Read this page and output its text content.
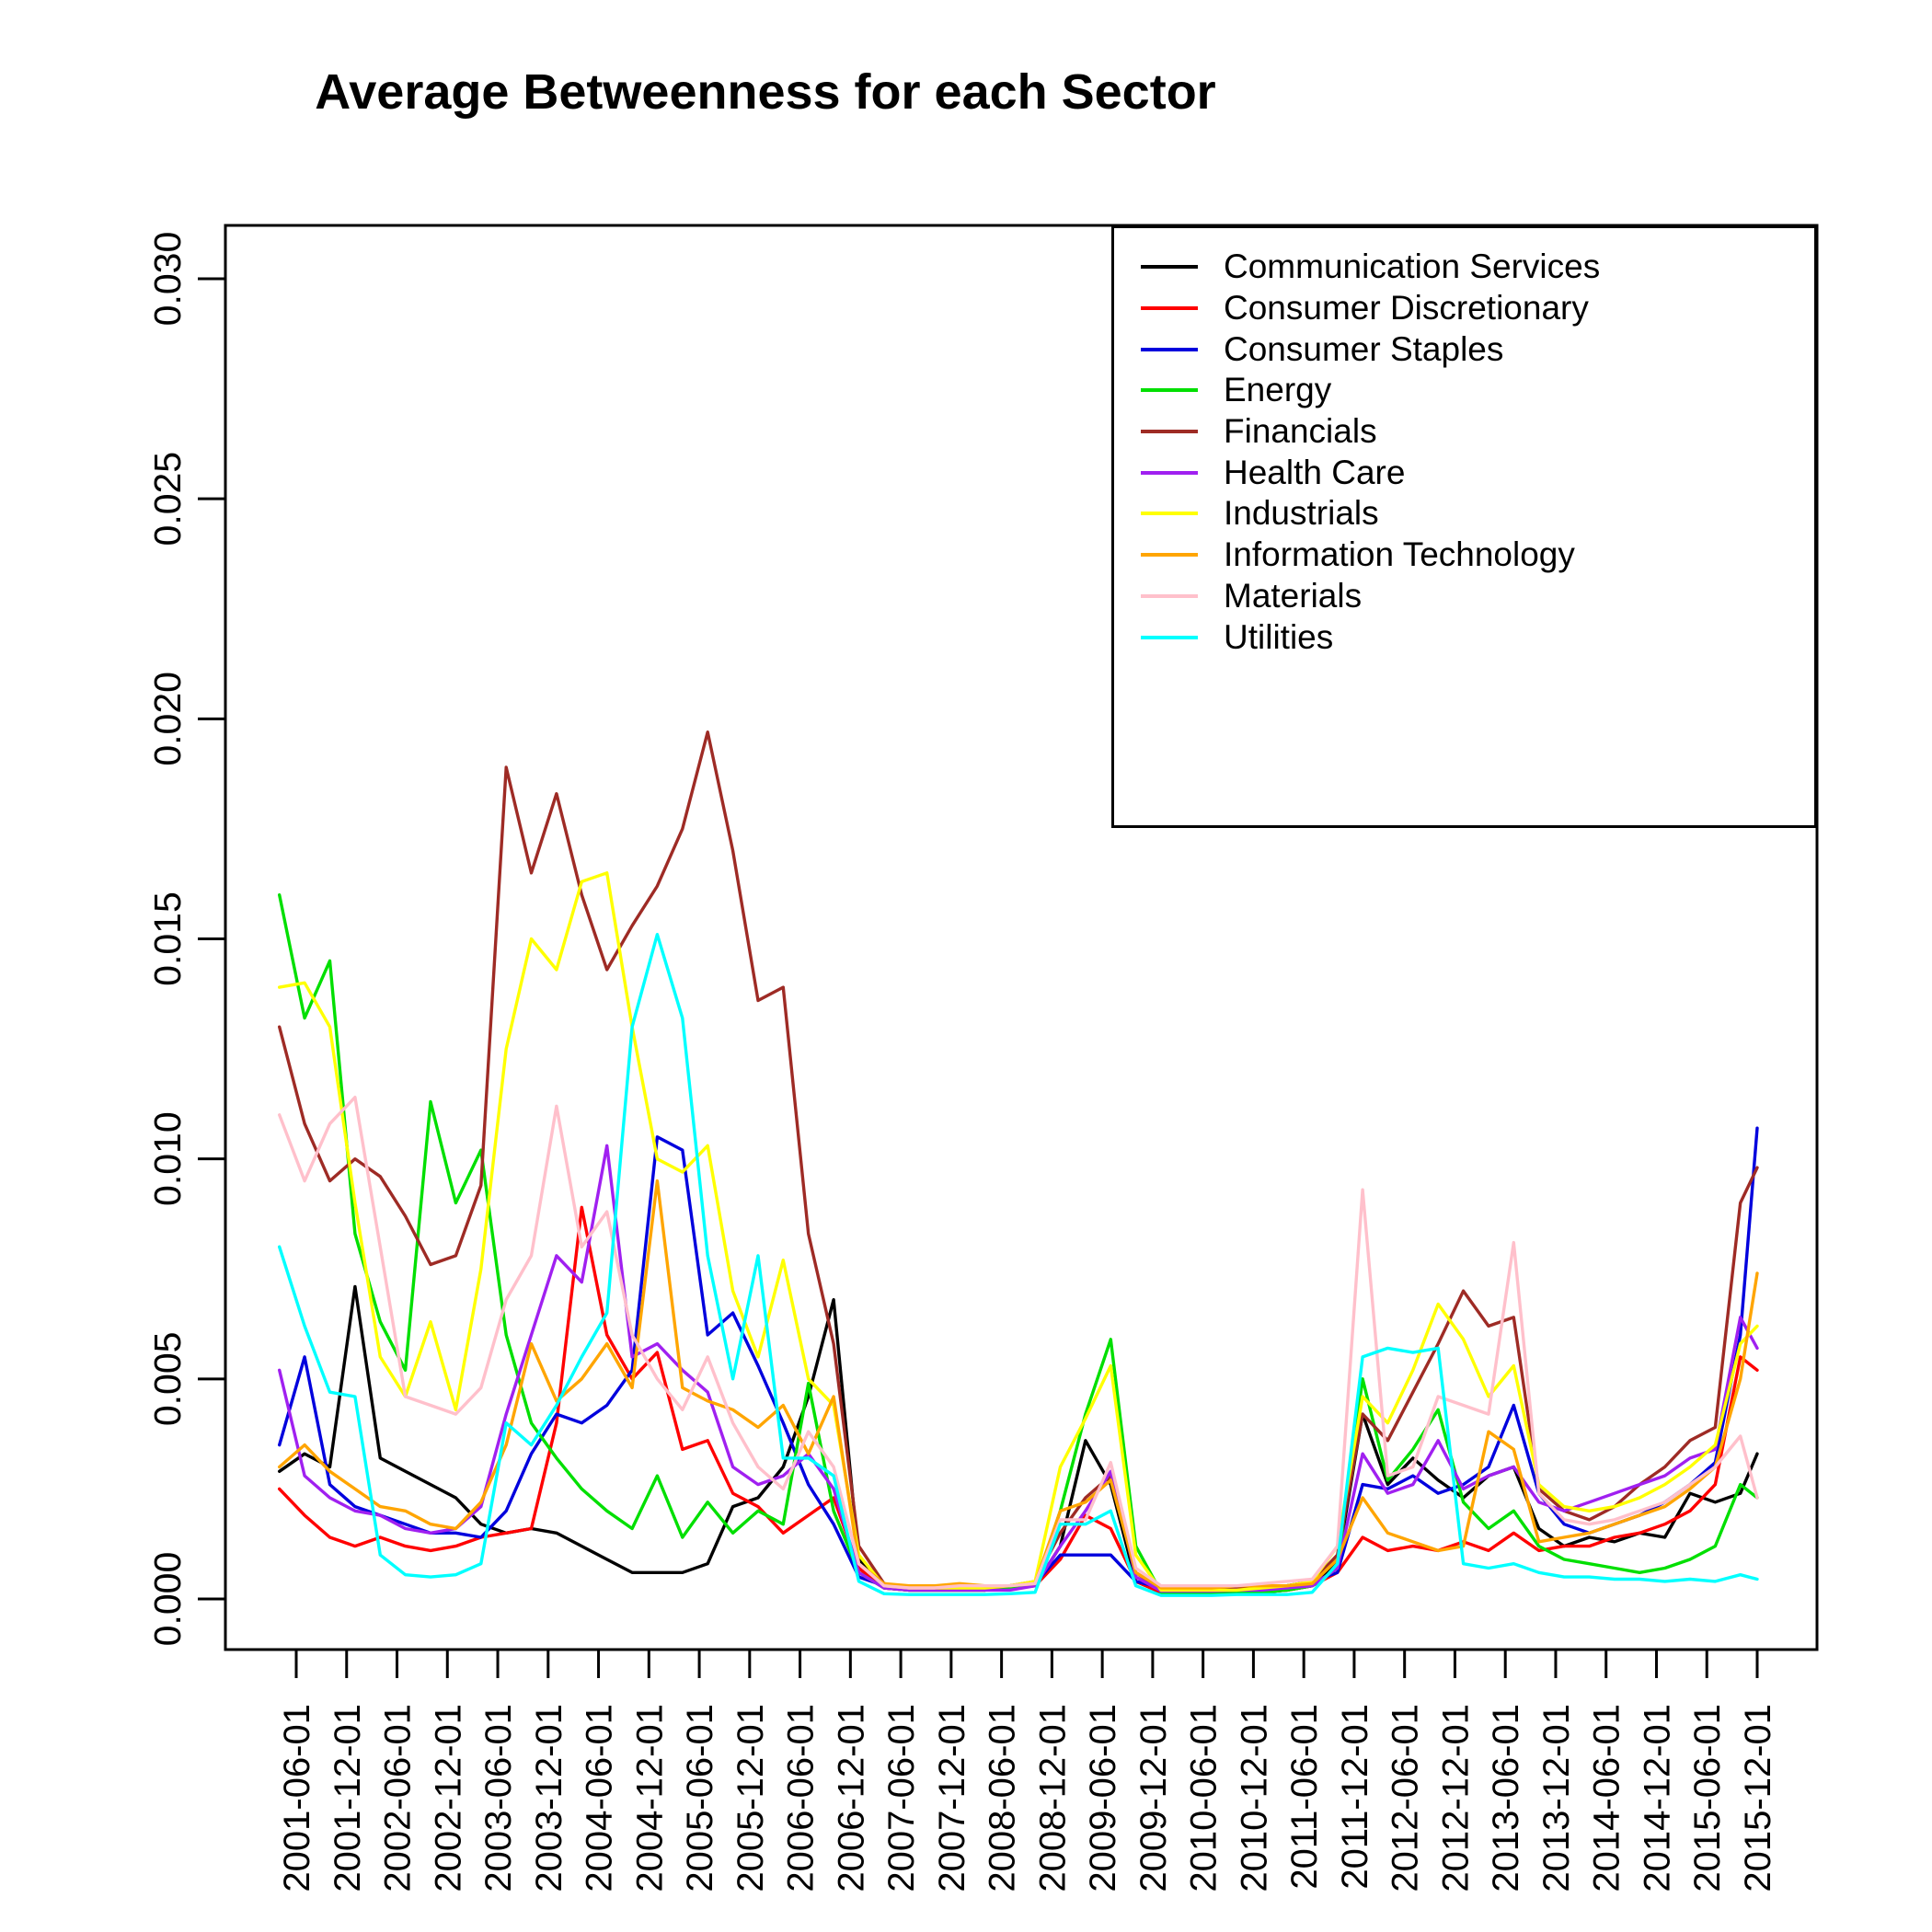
Average Betweenness for each Sector
0.000
0.005
0.010
0.015
0.020
0.025
0.030
2001-06-01 2001-12-01 2002-06-01 2002-12-01 2003-06-01 2003-12-01 2004-06-01 2004-12-01 2005-06-01 2005-12-01 2006-06-01 2006-12-01 2007-06-01 2007-12-01 2008-06-01 2008-12-01 2009-06-01 2009-12-01 2010-06-01 2010-12-01 2011-06-01 2011-12-01 2012-06-01 2012-12-01 2013-06-01 2013-12-01 2014-06-01 2014-12-01 2015-06-01 2015-12-01
Communication Services
Consumer Discretionary
Consumer Staples
Energy
Financials
Health Care
Industrials
Information Technology
Materials
Utilities
